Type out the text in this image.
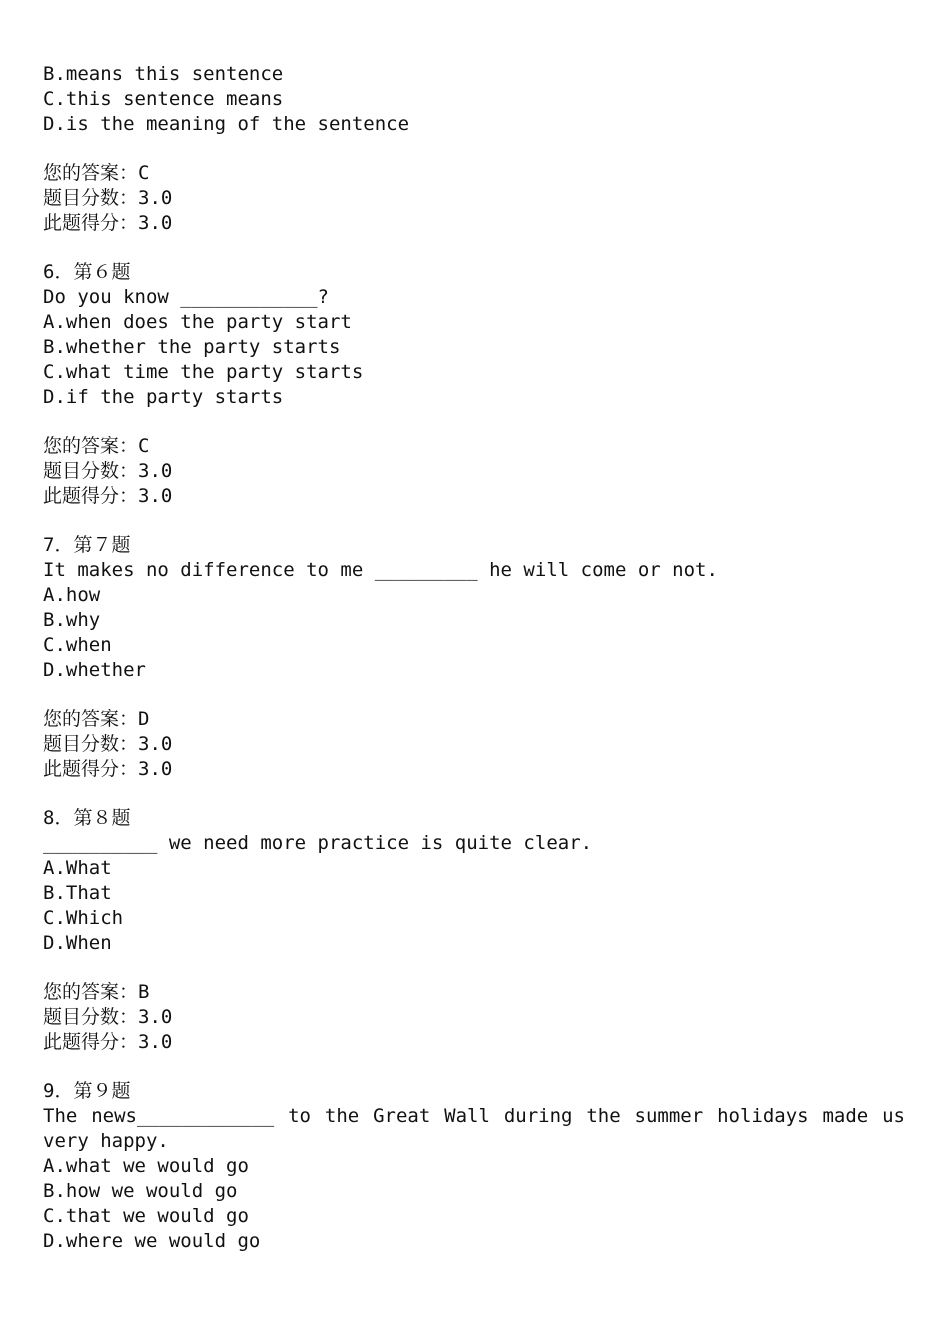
B.means this sentence
C.this sentence means
D.is the meaning of the sentence
您的答案：C
题目分数：3.0
此题得分：3.0
6．第６题
Do you know ____________?
A.when does the party start
B.whether the party starts
C.what time the party starts
D.if the party starts
您的答案：C
题目分数：3.0
此题得分：3.0
7．第７题
It makes no difference to me _________ he will come or not.
A.how
B.why
C.when
D.whether
您的答案：D
题目分数：3.0
此题得分：3.0
8．第８题
__________ we need more practice is quite clear.
A.What
B.That
C.Which
D.When
您的答案：B
题目分数：3.0
此题得分：3.0
9．第９题
The news____________ to the Great Wall during the summer holidays made us
very happy.
A.what we would go
B.how we would go
C.that we would go
D.where we would go
